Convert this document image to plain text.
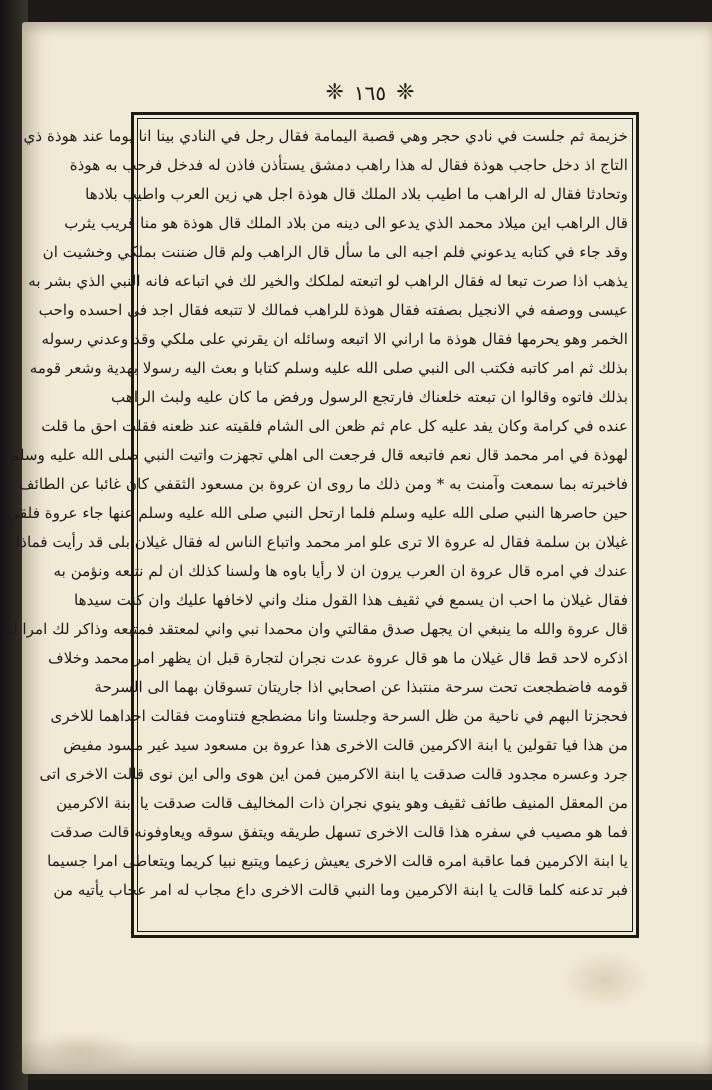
❈ ١٦٥ ❈
خزيمة ثم جلست في نادي حجر وهي قصبة اليمامة فقال رجل في النادي بينا انا يوما عند هوذة ذي
التاج اذ دخل حاجب هوذة فقال له هذا راهب دمشق يستأذن فاذن له فدخل فرحب به هوذة
وتحادثا فقال له الراهب ما اطيب بلاد الملك قال هوذة اجل هي زين العرب واطيب بلادها
قال الراهب اين ميلاد محمد الذي يدعو الى دينه من بلاد الملك قال هوذة هو منا قريب يثرب
وقد جاء في كتابه يدعوني فلم اجبه الى ما سأل قال الراهب ولم قال ضننت بملكي وخشيت ان
يذهب اذا صرت تبعا له فقال الراهب لو اتبعته لملكك والخير لك في اتباعه فانه النبي الذي بشر به
عيسى ووصفه في الانجيل بصفته فقال هوذة للراهب فمالك لا تتبعه فقال اجد في احسده واحب
الخمر وهو يحرمها فقال هوذة ما اراني الا اتبعه وسائله ان يقرني على ملكي وقد وعدني رسوله
بذلك ثم امر كاتبه فكتب الى النبي صلى الله عليه وسلم كتابا و بعث اليه رسولا بهدية وشعر قومه
بذلك فاتوه وقالوا ان تبعته خلعناك فارتجع الرسول ورفض ما كان عليه ولبث الراهب
عنده في كرامة وكان يفد عليه كل عام ثم ظعن الى الشام فلقيته عند ظعنه فقلت احق ما قلت
لهوذة في امر محمد قال نعم فاتبعه قال فرجعت الى اهلي تجهزت واتيت النبي صلى الله عليه وسلم
فاخبرته بما سمعت وآمنت به * ومن ذلك ما روى ان عروة بن مسعود الثقفي كان غائبا عن الطائف
حين حاصرها النبي صلى الله عليه وسلم فلما ارتحل النبي صلى الله عليه وسلم عنها جاء عروة فلقي
غيلان بن سلمة فقال له عروة الا ترى علو امر محمد واتباع الناس له فقال غيلان بلى قد رأيت فماذا
عندك في امره قال عروة ان العرب يرون ان لا رأيا باوه ها ولسنا كذلك ان لم نتبعه ونؤمن به
فقال غيلان ما احب ان يسمع في ثقيف هذا القول منك واني لاخافها عليك وان كنت سيدها
قال عروة والله ما ينبغي ان يجهل صدق مقالتي وان محمدا نبي واني لمعتقد فمتبعه وذاكر لك امرا لم
اذكره لاحد قط قال غيلان ما هو قال عروة عدت نجران لتجارة قبل ان يظهر امر محمد وخلاف
قومه فاضطجعت تحت سرحة منتبذا عن اصحابي اذا جاريتان تسوقان بهما الى السرحة
فحجزتا البهم في ناحية من ظل السرحة وجلستا وانا مضطجع فتناومت فقالت احداهما للاخرى
من هذا فيا تقولين يا ابنة الاكرمين قالت الاخرى هذا عروة بن مسعود سيد غير مسود مفيض
جرد وعسره مجدود قالت صدقت يا ابنة الاكرمين فمن اين هوى والى اين نوى قالت الاخرى اتى
من المعقل المنيف طائف ثقيف وهو ينوي نجران ذات المخاليف قالت صدقت يا ابنة الاكرمين
فما هو مصيب في سفره هذا قالت الاخرى تسهل طريقه ويتفق سوقه ويعاوفونه قالت صدقت
يا ابنة الاكرمين فما عاقبة امره قالت الاخرى يعيش زعيما ويتبع نبيا كريما ويتعاطى امرا جسيما
فبر تدعنه كلما قالت يا ابنة الاكرمين وما النبي قالت الاخرى داع مجاب له امر عجاب يأتيه من
